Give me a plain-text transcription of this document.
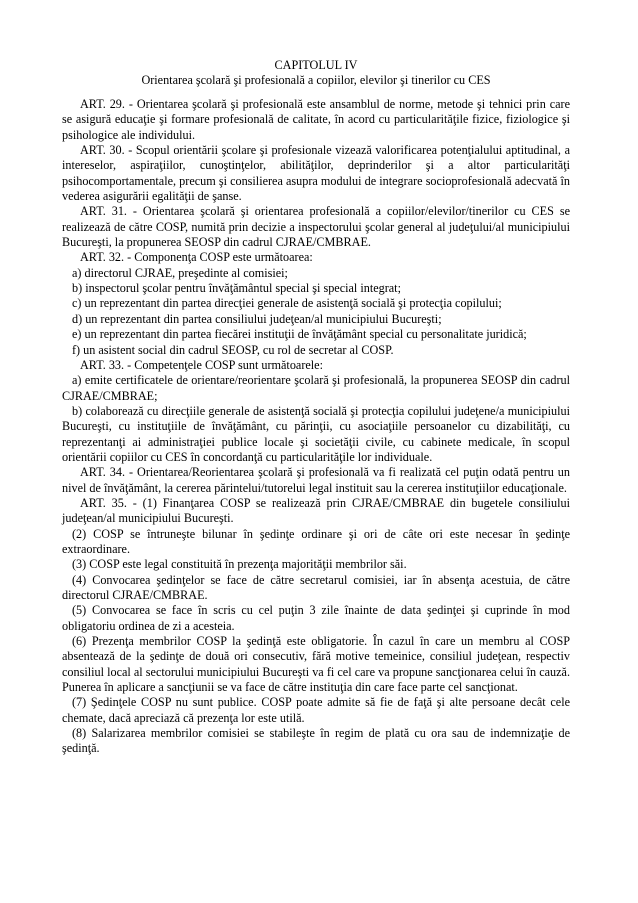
CAPITOLUL IV

Orientarea şcolară şi profesională a copiilor, elevilor şi tinerilor cu CES

ART. 29. - Orientarea şcolară şi profesională este ansamblul de norme, metode şi tehnici prin care se asigură educaţie şi formare profesională de calitate, în acord cu particularităţile fizice, fiziologice şi psihologice ale individului.

ART. 30. - Scopul orientării şcolare şi profesionale vizează valorificarea potenţialului aptitudinal, a intereselor, aspiraţiilor, cunoştinţelor, abilităţilor, deprinderilor şi a altor particularităţi psihocomportamentale, precum şi consilierea asupra modului de integrare socioprofesională adecvată în vederea asigurării egalităţii de şanse.

ART. 31. - Orientarea şcolară şi orientarea profesională a copiilor/elevilor/tinerilor cu CES se realizează de către COSP, numită prin decizie a inspectorului şcolar general al judeţului/al municipiului Bucureşti, la propunerea SEOSP din cadrul CJRAE/CMBRAE.

ART. 32. - Componenţa COSP este următoarea:

a) directorul CJRAE, preşedinte al comisiei;

b) inspectorul şcolar pentru învăţământul special şi special integrat;

c) un reprezentant din partea direcţiei generale de asistenţă socială şi protecţia copilului;

d) un reprezentant din partea consiliului judeţean/al municipiului Bucureşti;

e) un reprezentant din partea fiecărei instituţii de învăţământ special cu personalitate juridică;

f) un asistent social din cadrul SEOSP, cu rol de secretar al COSP.

ART. 33. - Competenţele COSP sunt următoarele:

a) emite certificatele de orientare/reorientare şcolară şi profesională, la propunerea SEOSP din cadrul CJRAE/CMBRAE;

b) colaborează cu direcţiile generale de asistenţă socială şi protecţia copilului judeţene/a municipiului Bucureşti, cu instituţiile de învăţământ, cu părinţii, cu asociaţiile persoanelor cu dizabilităţi, cu reprezentanţi ai administraţiei publice locale şi societăţii civile, cu cabinete medicale, în scopul orientării copiilor cu CES în concordanţă cu particularităţile lor individuale.

ART. 34. - Orientarea/Reorientarea şcolară şi profesională va fi realizată cel puţin odată pentru un nivel de învăţământ, la cererea părintelui/tutorelui legal instituit sau la cererea instituţiilor educaţionale.

ART. 35. - (1) Finanţarea COSP se realizează prin CJRAE/CMBRAE din bugetele consiliului judeţean/al municipiului Bucureşti.

(2) COSP se întruneşte bilunar în şedinţe ordinare şi ori de câte ori este necesar în şedinţe extraordinare.

(3) COSP este legal constituită în prezenţa majorităţii membrilor săi.

(4) Convocarea şedinţelor se face de către secretarul comisiei, iar în absenţa acestuia, de către directorul CJRAE/CMBRAE.

(5) Convocarea se face în scris cu cel puţin 3 zile înainte de data şedinţei şi cuprinde în mod obligatoriu ordinea de zi a acesteia.

(6) Prezenţa membrilor COSP la şedinţă este obligatorie. În cazul în care un membru al COSP absentează de la şedinţe de două ori consecutiv, fără motive temeinice, consiliul judeţean, respectiv consiliul local al sectorului municipiului Bucureşti va fi cel care va propune sancţionarea celui în cauză. Punerea în aplicare a sancţiunii se va face de către instituţia din care face parte cel sancţionat.

(7) Şedinţele COSP nu sunt publice. COSP poate admite să fie de faţă şi alte persoane decât cele chemate, dacă apreciază că prezenţa lor este utilă.

(8) Salarizarea membrilor comisiei se stabileşte în regim de plată cu ora sau de indemnizaţie de şedinţă.
